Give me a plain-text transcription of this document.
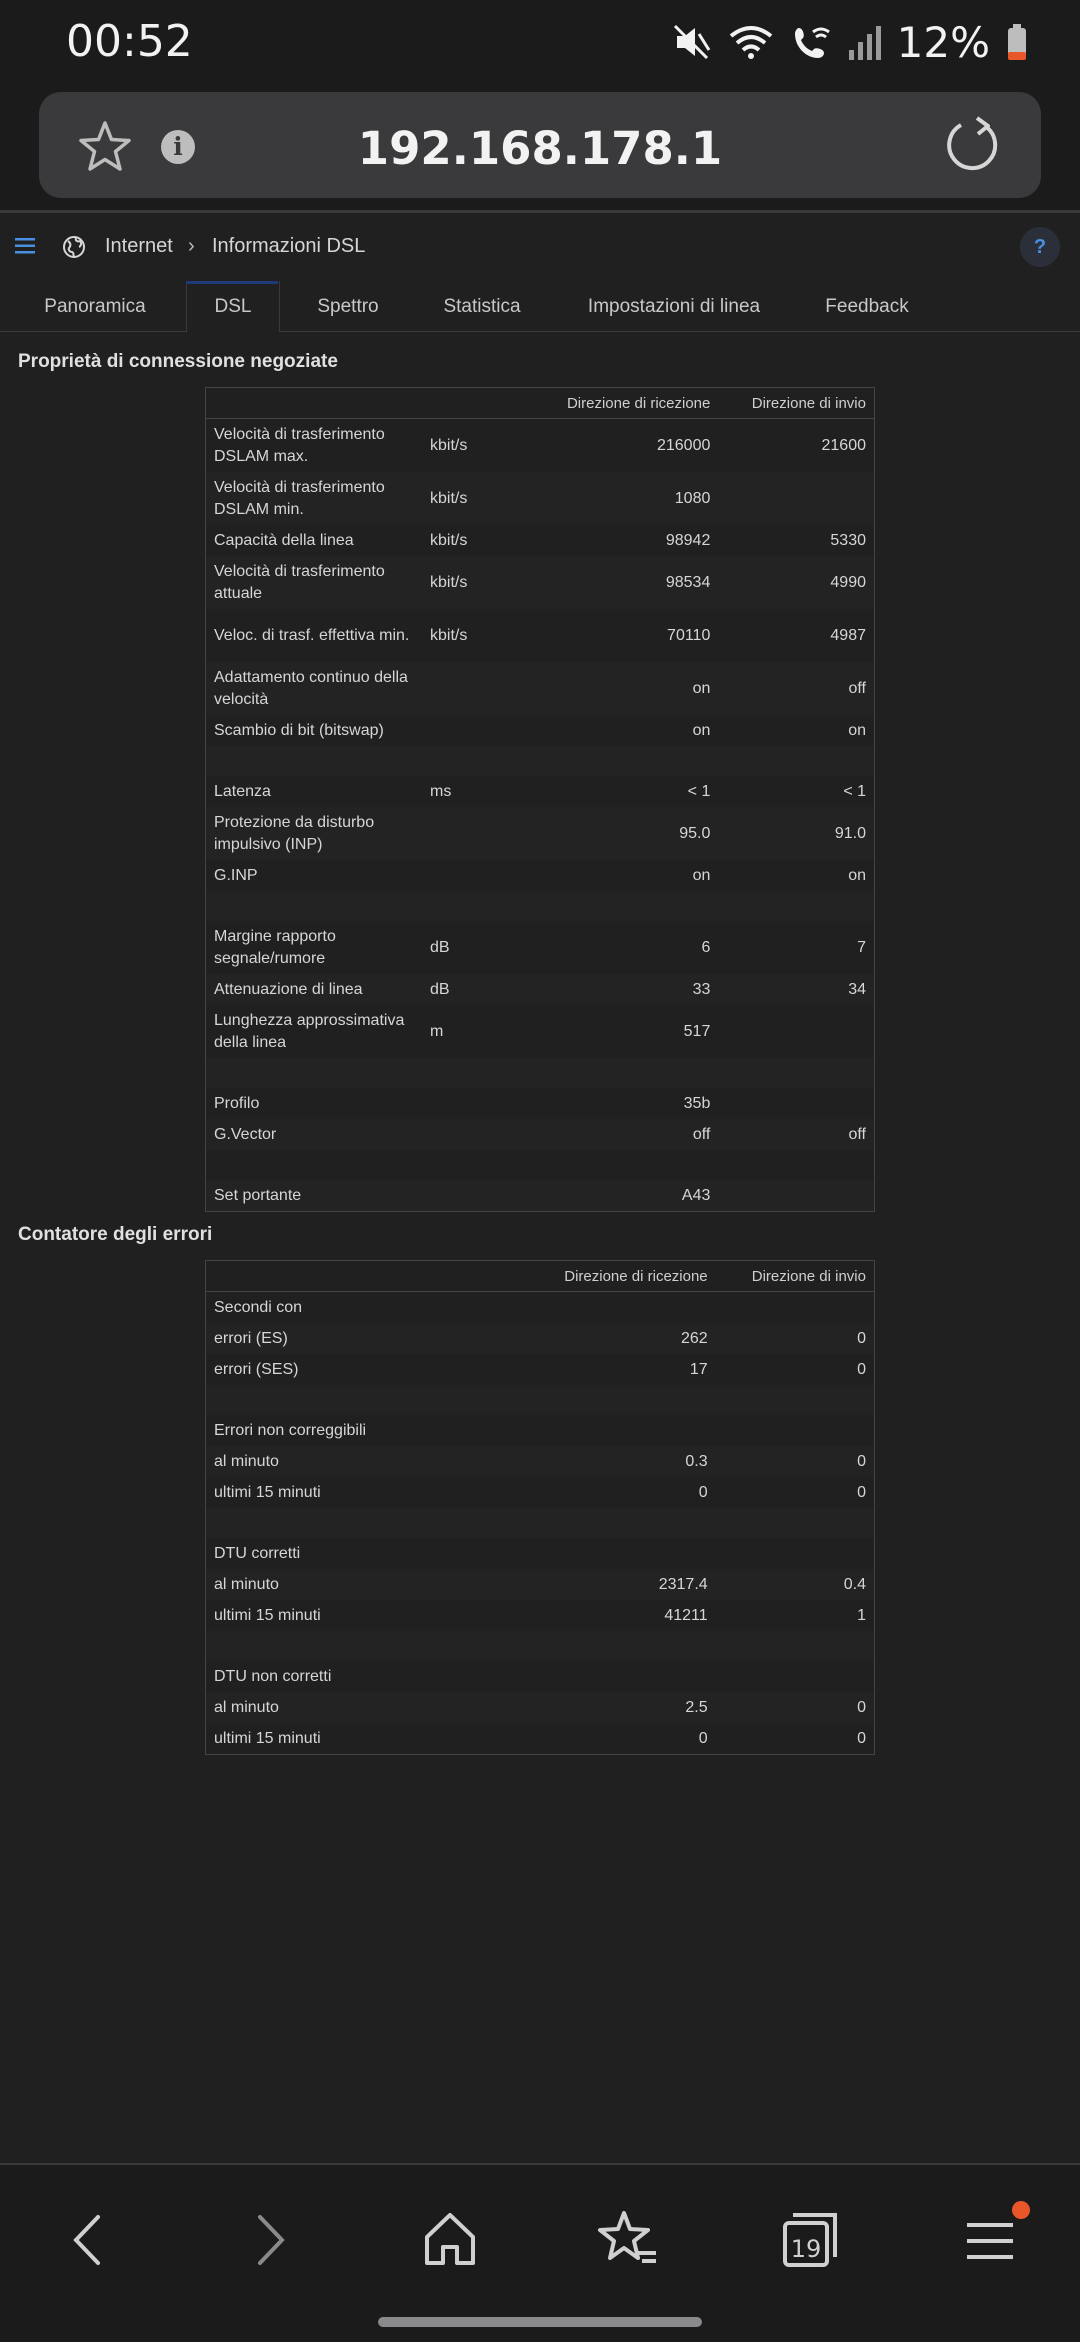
00:52	12%
i	192.168.178.1
Internet › Informazioni DSL	?
Panoramica	DSL	Spettro	Statistica	Impostazioni di linea	Feedback
Proprietà di connessione negoziate
		Direzione di ricezione	Direzione di invio
Velocità di trasferimento DSLAM max.	kbit/s	216000	21600
Velocità di trasferimento DSLAM min.	kbit/s	1080	
Capacità della linea	kbit/s	98942	5330
Velocità di trasferimento attuale	kbit/s	98534	4990
Veloc. di trasf. effettiva min.	kbit/s	70110	4987
Adattamento continuo della velocità		on	off
Scambio di bit (bitswap)		on	on

Latenza	ms	< 1	< 1
Protezione da disturbo impulsivo (INP)		95.0	91.0
G.INP		on	on

Margine rapporto segnale/rumore	dB	6	7
Attenuazione di linea	dB	33	34
Lunghezza approssimativa della linea	m	517	

Profilo		35b	
G.Vector		off	off

Set portante		A43	
Contatore degli errori
	Direzione di ricezione	Direzione di invio
Secondi con		
errori (ES)	262	0
errori (SES)	17	0

Errori non correggibili		
al minuto	0.3	0
ultimi 15 minuti	0	0

DTU corretti		
al minuto	2317.4	0.4
ultimi 15 minuti	41211	1

DTU non corretti		
al minuto	2.5	0
ultimi 15 minuti	0	0
19
